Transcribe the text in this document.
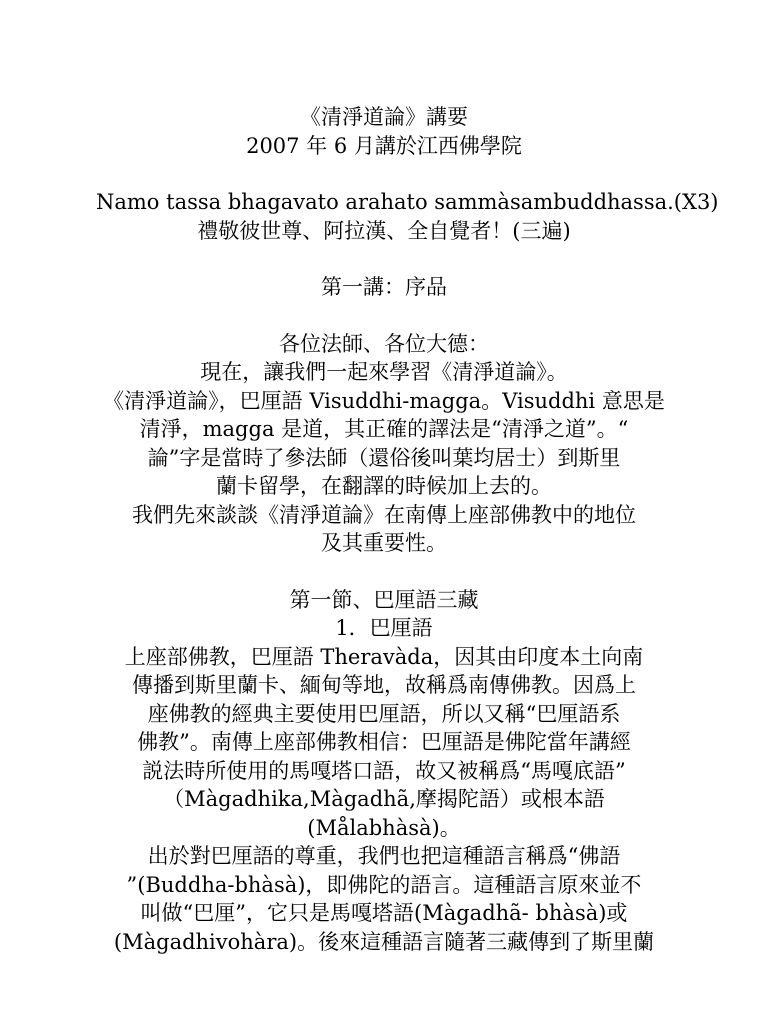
《清淨道論》講要
2007 年 6 月講於江西佛學院
Namo tassa bhagavato arahato sammàsambuddhassa.(X3)
禮敬彼世尊、阿拉漢、全自覺者！(三遍)
第一講：序品
各位法師、各位大德：
現在，讓我們一起來學習《清淨道論》。
《清淨道論》，巴厘語 Visuddhi-magga。Visuddhi 意思是
清淨，magga 是道，其正確的譯法是“清淨之道”。“
論”字是當時了參法師（還俗後叫葉均居士）到斯里
蘭卡留學，在翻譯的時候加上去的。
我們先來談談《清淨道論》在南傳上座部佛教中的地位
及其重要性。
第一節、巴厘語三藏
1．巴厘語
上座部佛教，巴厘語 Theravàda，因其由印度本土向南
傳播到斯里蘭卡、緬甸等地，故稱爲南傳佛教。因爲上
座佛教的經典主要使用巴厘語，所以又稱“巴厘語系
佛教”。南傳上座部佛教相信：巴厘語是佛陀當年講經
説法時所使用的馬嘎塔口語，故又被稱爲“馬嘎底語”
（Màgadhika,Màgadhã,摩揭陀語）或根本語
(Målabhàsà)。
出於對巴厘語的尊重，我們也把這種語言稱爲“佛語
”(Buddha-bhàsà)，即佛陀的語言。這種語言原來並不
叫做“巴厘”，它只是馬嘎塔語(Màgadhã- bhàsà)或
(Màgadhivohàra)。後來這種語言隨著三藏傳到了斯里蘭
